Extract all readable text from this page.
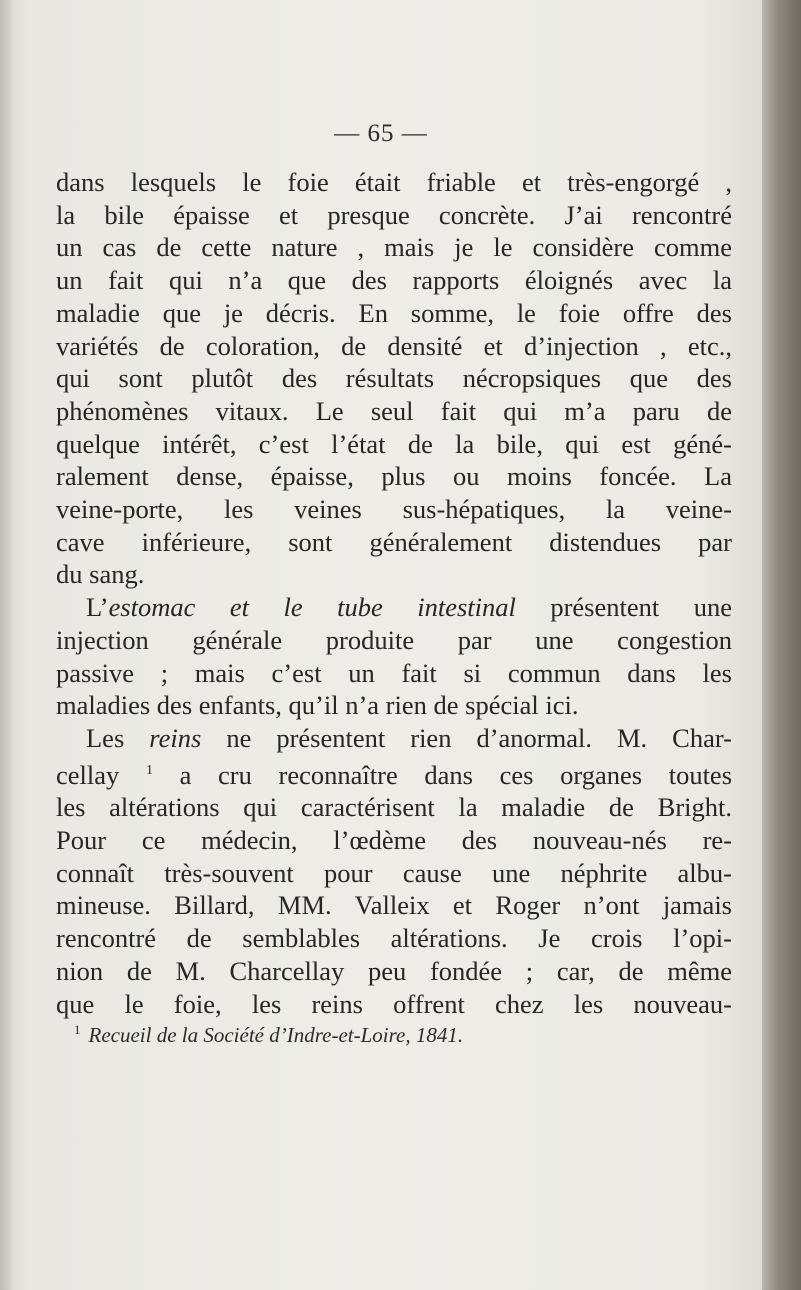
— 65 —
dans lesquels le foie était friable et très-engorgé ,
la bile épaisse et presque concrète. J’ai rencontré
un cas de cette nature , mais je le considère comme
un fait qui n’a que des rapports éloignés avec la
maladie que je décris. En somme, le foie offre des
variétés de coloration, de densité et d’injection , etc.,
qui sont plutôt des résultats nécropsiques que des
phénomènes vitaux. Le seul fait qui m’a paru de
quelque intérêt, c’est l’état de la bile, qui est géné-
ralement dense, épaisse, plus ou moins foncée. La
veine-porte, les veines sus-hépatiques, la veine-
cave inférieure, sont généralement distendues par
du sang.
L’estomac et le tube intestinal présentent une
injection générale produite par une congestion
passive ; mais c’est un fait si commun dans les
maladies des enfants, qu’il n’a rien de spécial ici.
Les reins ne présentent rien d’anormal. M. Char-
cellay $^1$ a cru reconnaître dans ces organes toutes
les altérations qui caractérisent la maladie de Bright.
Pour ce médecin, l’œdème des nouveau-nés re-
connaît très-souvent pour cause une néphrite albu-
mineuse. Billard, MM. Valleix et Roger n’ont jamais
rencontré de semblables altérations. Je crois l’opi-
nion de M. Charcellay peu fondée ; car, de même
que le foie, les reins offrent chez les nouveau-
$^1$ Recueil de la Société d’Indre-et-Loire, 1841.
